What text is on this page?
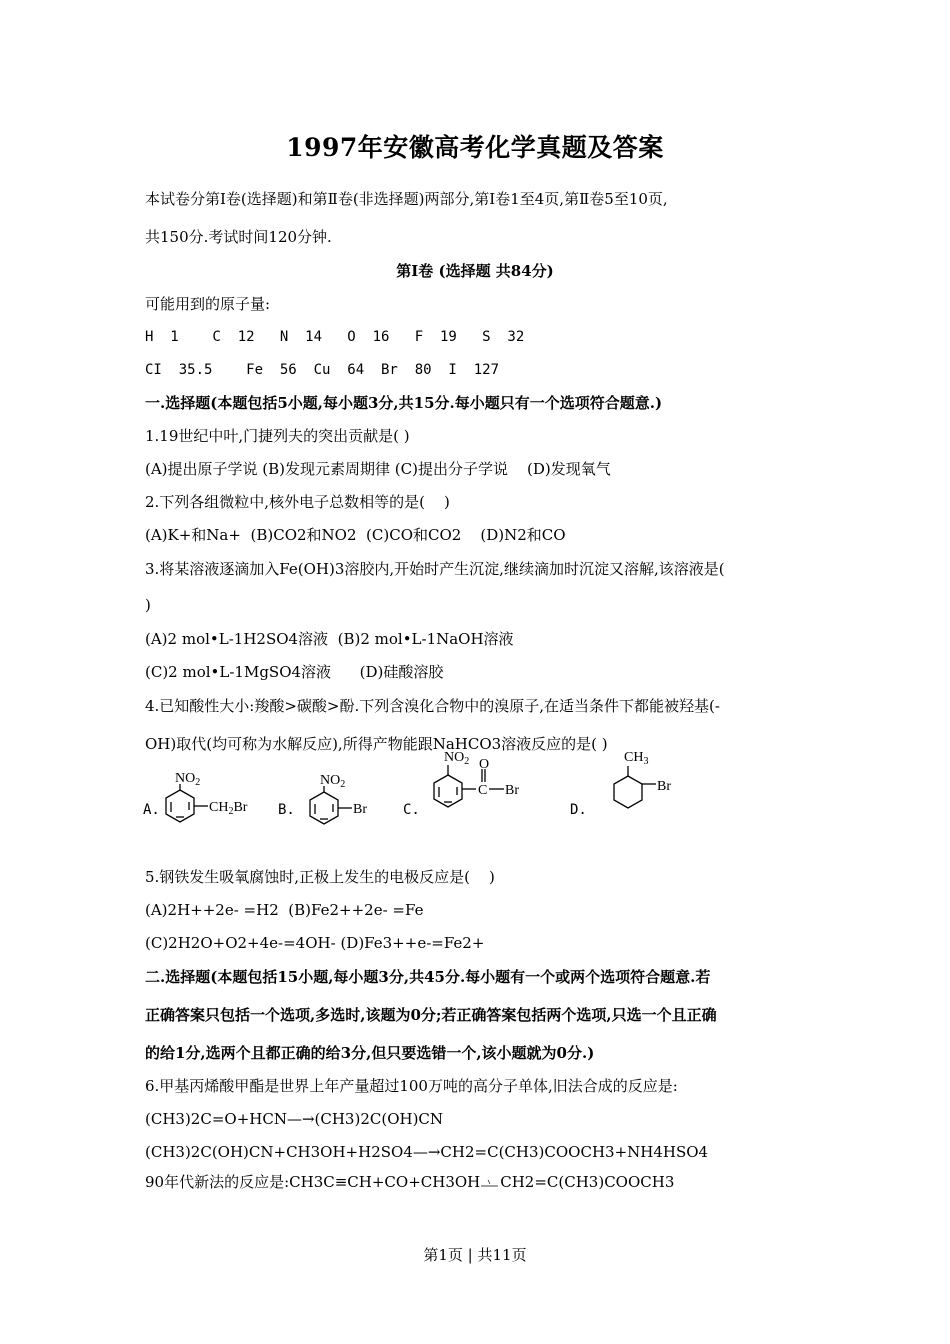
1997年安徽高考化学真题及答案
本试卷分第Ⅰ卷(选择题)和第Ⅱ卷(非选择题)两部分,第Ⅰ卷1至4页,第Ⅱ卷5至10页,
共150分.考试时间120分钟.
第Ⅰ卷 (选择题 共84分)
可能用到的原子量:
H  1    C  12   N  14   O  16   F  19   S  32
CI  35.5    Fe  56  Cu  64  Br  80  I  127
一.选择题(本题包括5小题,每小题3分,共15分.每小题只有一个选项符合题意.)
1.19世纪中叶,门捷列夫的突出贡献是( )
(A)提出原子学说 (B)发现元素周期律 (C)提出分子学说    (D)发现氧气
2.下列各组微粒中,核外电子总数相等的是(    )
(A)K+和Na+  (B)CO2和NO2  (C)CO和CO2    (D)N2和CO
3.将某溶液逐滴加入Fe(OH)3溶胶内,开始时产生沉淀,继续滴加时沉淀又溶解,该溶液是(
)
(A)2 mol•L-1H2SO4溶液  (B)2 mol•L-1NaOH溶液
(C)2 mol•L-1MgSO4溶液      (D)硅酸溶胶
4.已知酸性大小:羧酸>碳酸>酚.下列含溴化合物中的溴原子,在适当条件下都能被羟基(-
OH)取代(均可称为水解反应),所得产物能跟NaHCO3溶液反应的是( )
A.
$NO_2$
$CH_2Br$ B.
$NO_2$
Br	C.
$NO_2$ O
C Br
D.
$CH_3$
Br
5.钢铁发生吸氧腐蚀时,正极上发生的电极反应是(    )
(A)2H++2e- =H2  (B)Fe2++2e- =Fe
(C)2H2O+O2+4e-=4OH- (D)Fe3++e-=Fe2+
二.选择题(本题包括15小题,每小题3分,共45分.每小题有一个或两个选项符合题意.若
正确答案只包括一个选项,多选时,该题为0分;若正确答案包括两个选项,只选一个且正确
的给1分,选两个且都正确的给3分,但只要选错一个,该小题就为0分.)
6.甲基丙烯酸甲酯是世界上年产量超过100万吨的高分子单体,旧法合成的反应是:
(CH3)2C=O+HCN—→(CH3)2C(OH)CN
(CH3)2C(OH)CN+CH3OH+H2SO4—→CH2=C(CH3)COOCH3+NH4HSO4
90年代新法的反应是:CH3C≡CH+CO+CH3OH CH2=C(CH3)COOCH3
第1页 | 共11页
